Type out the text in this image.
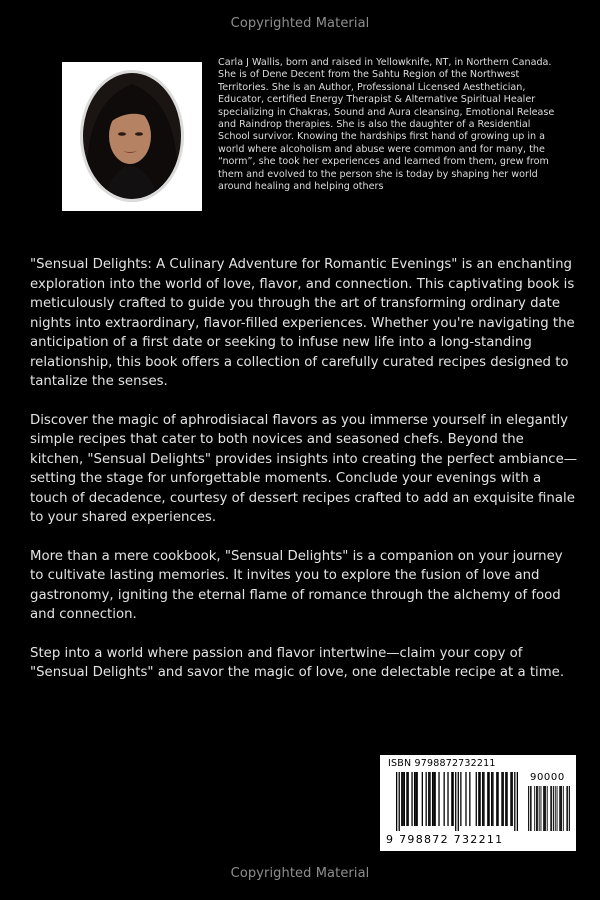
Copyrighted Material
Carla J Wallis, born and raised in Yellowknife, NT, in Northern Canada. She is of Dene Decent from the Sahtu Region of the Northwest Territories. She is an Author, Professional Licensed Aesthetician, Educator, certified Energy Therapist & Alternative Spiritual Healer specializing in Chakras, Sound and Aura cleansing, Emotional Release and Raindrop therapies. She is also the daughter of a Residential School survivor. Knowing the hardships first hand of growing up in a world where alcoholism and abuse were common and for many, the “norm”, she took her experiences and learned from them, grew from them and evolved to the person she is today by shaping her world around healing and helping others

"Sensual Delights: A Culinary Adventure for Romantic Evenings" is an enchanting exploration into the world of love, flavor, and connection. This captivating book is meticulously crafted to guide you through the art of transforming ordinary date nights into extraordinary, flavor-filled experiences. Whether you're navigating the anticipation of a first date or seeking to infuse new life into a long-standing relationship, this book offers a collection of carefully curated recipes designed to tantalize the senses.

Discover the magic of aphrodisiacal flavors as you immerse yourself in elegantly simple recipes that cater to both novices and seasoned chefs. Beyond the kitchen, "Sensual Delights" provides insights into creating the perfect ambiance—setting the stage for unforgettable moments. Conclude your evenings with a touch of decadence, courtesy of dessert recipes crafted to add an exquisite finale to your shared experiences.

More than a mere cookbook, "Sensual Delights" is a companion on your journey to cultivate lasting memories. It invites you to explore the fusion of love and gastronomy, igniting the eternal flame of romance through the alchemy of food and connection.

Step into a world where passion and flavor intertwine—claim your copy of "Sensual Delights" and savor the magic of love, one delectable recipe at a time.

ISBN 9798872732211
90000
9 798872 732211
Copyrighted Material
